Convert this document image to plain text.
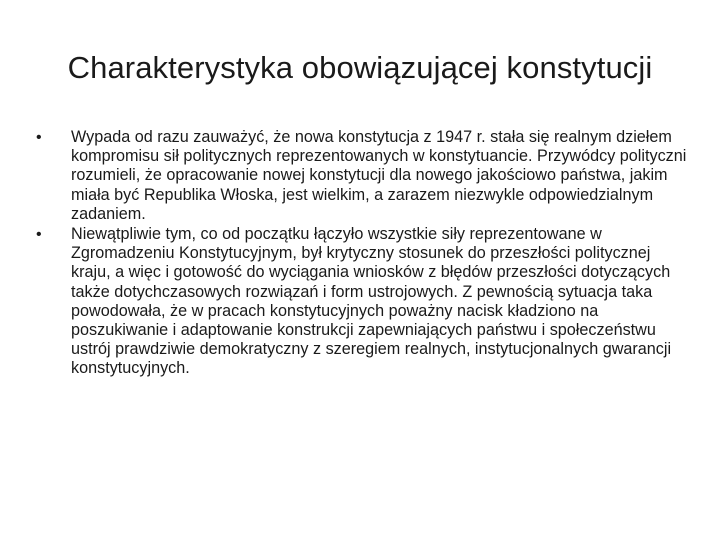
Charakterystyka obowiązującej konstytucji
• Wypada od razu zauważyć, że nowa konstytucja z 1947 r. stała się realnym dziełem kompromisu sił politycznych reprezentowanych w konstytuancie. Przywódcy polityczni rozumieli, że opracowanie nowej konstytucji dla nowego jakościowo państwa, jakim miała być Republika Włoska, jest wielkim, a zarazem niezwykle odpowiedzialnym zadaniem.
• Niewątpliwie tym, co od początku łączyło wszystkie siły reprezentowane w Zgromadzeniu Konstytucyjnym, był krytyczny stosunek do przeszłości politycznej kraju, a więc i gotowość do wyciągania wniosków z błędów przeszłości dotyczących także dotychczasowych rozwiązań i form ustrojowych. Z pewnością sytuacja taka powodowała, że w pracach konstytucyjnych poważny nacisk kładziono na poszukiwanie i adaptowanie konstrukcji zapewniających państwu i społeczeństwu ustrój prawdziwie demokratyczny z szeregiem realnych, instytucjonalnych gwarancji konstytucyjnych.
